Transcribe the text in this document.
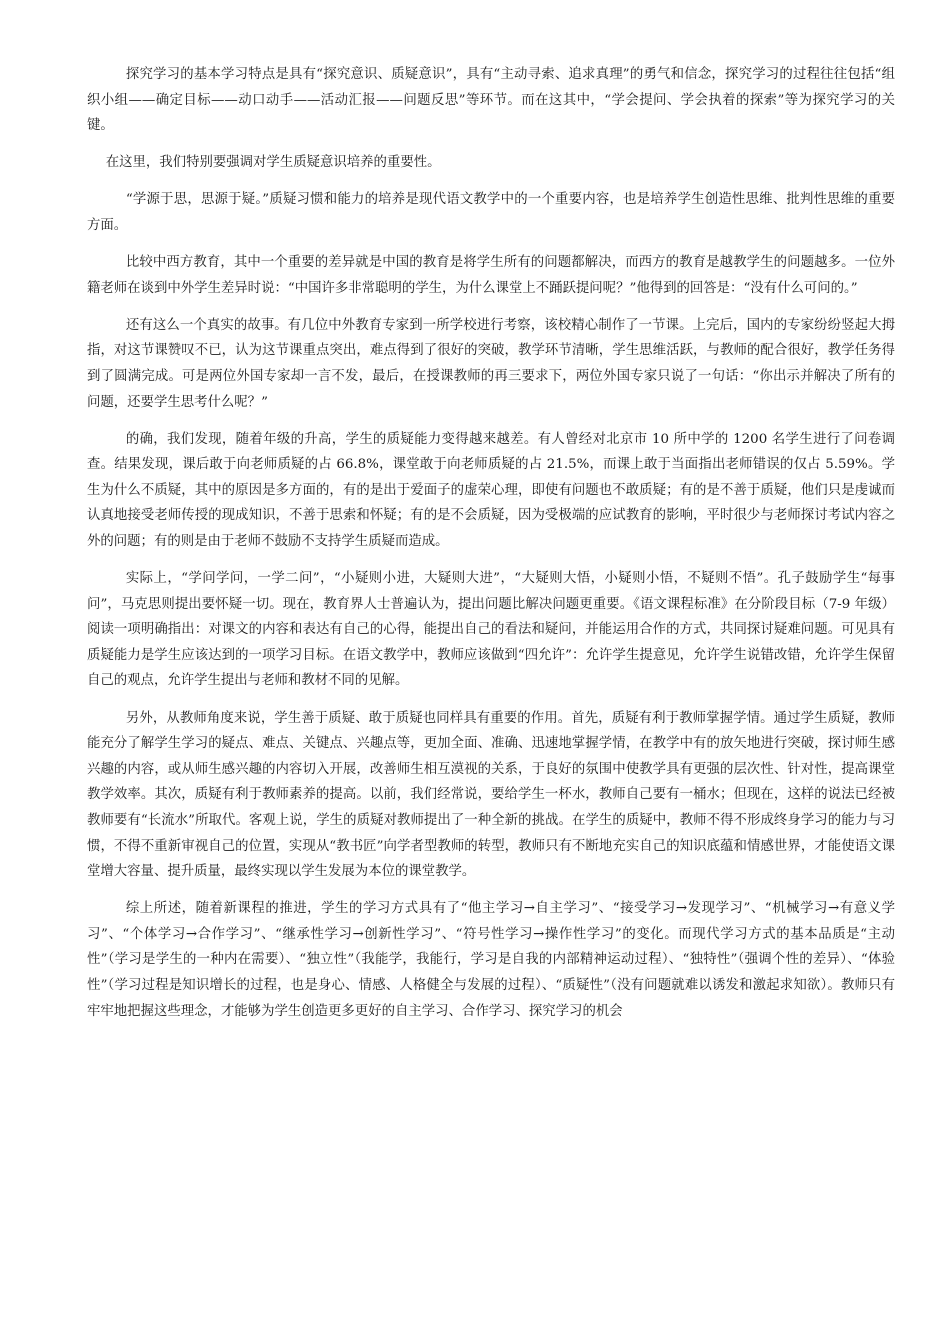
探究学习的基本学习特点是具有“探究意识、质疑意识”，具有“主动寻索、追求真理”的勇气和信念，探究学习的过程往往包括“组织小组——确定目标——动口动手——活动汇报——问题反思”等环节。而在这其中，“学会提问、学会执着的探索”等为探究学习的关键。

在这里，我们特别要强调对学生质疑意识培养的重要性。

“学源于思，思源于疑。”质疑习惯和能力的培养是现代语文教学中的一个重要内容，也是培养学生创造性思维、批判性思维的重要方面。

比较中西方教育，其中一个重要的差异就是中国的教育是将学生所有的问题都解决，而西方的教育是越教学生的问题越多。一位外籍老师在谈到中外学生差异时说：“中国许多非常聪明的学生，为什么课堂上不踊跃提问呢？”他得到的回答是：“没有什么可问的。”

还有这么一个真实的故事。有几位中外教育专家到一所学校进行考察，该校精心制作了一节课。上完后，国内的专家纷纷竖起大拇指，对这节课赞叹不已，认为这节课重点突出，难点得到了很好的突破，教学环节清晰，学生思维活跃，与教师的配合很好，教学任务得到了圆满完成。可是两位外国专家却一言不发，最后，在授课教师的再三要求下，两位外国专家只说了一句话：“你出示并解决了所有的问题，还要学生思考什么呢？”

的确，我们发现，随着年级的升高，学生的质疑能力变得越来越差。有人曾经对北京市 10 所中学的 1200 名学生进行了问卷调查。结果发现，课后敢于向老师质疑的占 66.8%，课堂敢于向老师质疑的占 21.5%，而课上敢于当面指出老师错误的仅占 5.59%。学生为什么不质疑，其中的原因是多方面的，有的是出于爱面子的虚荣心理，即使有问题也不敢质疑；有的是不善于质疑，他们只是虔诚而认真地接受老师传授的现成知识，不善于思索和怀疑；有的是不会质疑，因为受极端的应试教育的影响，平时很少与老师探讨考试内容之外的问题；有的则是由于老师不鼓励不支持学生质疑而造成。

实际上，“学问学问，一学二问”，“小疑则小进，大疑则大进”，“大疑则大悟，小疑则小悟，不疑则不悟”。孔子鼓励学生“每事问”，马克思则提出要怀疑一切。现在，教育界人士普遍认为，提出问题比解决问题更重要。《语文课程标准》在分阶段目标（7-9 年级）阅读一项明确指出：对课文的内容和表达有自己的心得，能提出自己的看法和疑问，并能运用合作的方式，共同探讨疑难问题。可见具有质疑能力是学生应该达到的一项学习目标。在语文教学中，教师应该做到“四允许”：允许学生提意见，允许学生说错改错，允许学生保留自己的观点，允许学生提出与老师和教材不同的见解。

另外，从教师角度来说，学生善于质疑、敢于质疑也同样具有重要的作用。首先，质疑有利于教师掌握学情。通过学生质疑，教师能充分了解学生学习的疑点、难点、关键点、兴趣点等，更加全面、准确、迅速地掌握学情，在教学中有的放矢地进行突破，探讨师生感兴趣的内容，或从师生感兴趣的内容切入开展，改善师生相互漠视的关系，于良好的氛围中使教学具有更强的层次性、针对性，提高课堂教学效率。其次，质疑有利于教师素养的提高。以前，我们经常说，要给学生一杯水，教师自己要有一桶水；但现在，这样的说法已经被教师要有“长流水”所取代。客观上说，学生的质疑对教师提出了一种全新的挑战。在学生的质疑中，教师不得不形成终身学习的能力与习惯，不得不重新审视自己的位置，实现从“教书匠”向学者型教师的转型，教师只有不断地充实自己的知识底蕴和情感世界，才能使语文课堂增大容量、提升质量，最终实现以学生发展为本位的课堂教学。

综上所述，随着新课程的推进，学生的学习方式具有了“他主学习→自主学习”、“接受学习→发现学习”、“机械学习→有意义学习”、“个体学习→合作学习”、“继承性学习→创新性学习”、“符号性学习→操作性学习”的变化。而现代学习方式的基本品质是“主动性”（学习是学生的一种内在需要）、“独立性”（我能学，我能行，学习是自我的内部精神运动过程）、“独特性”（强调个性的差异）、“体验性”（学习过程是知识增长的过程，也是身心、情感、人格健全与发展的过程）、“质疑性”（没有问题就难以诱发和激起求知欲）。教师只有牢牢地把握这些理念，才能够为学生创造更多更好的自主学习、合作学习、探究学习的机会
